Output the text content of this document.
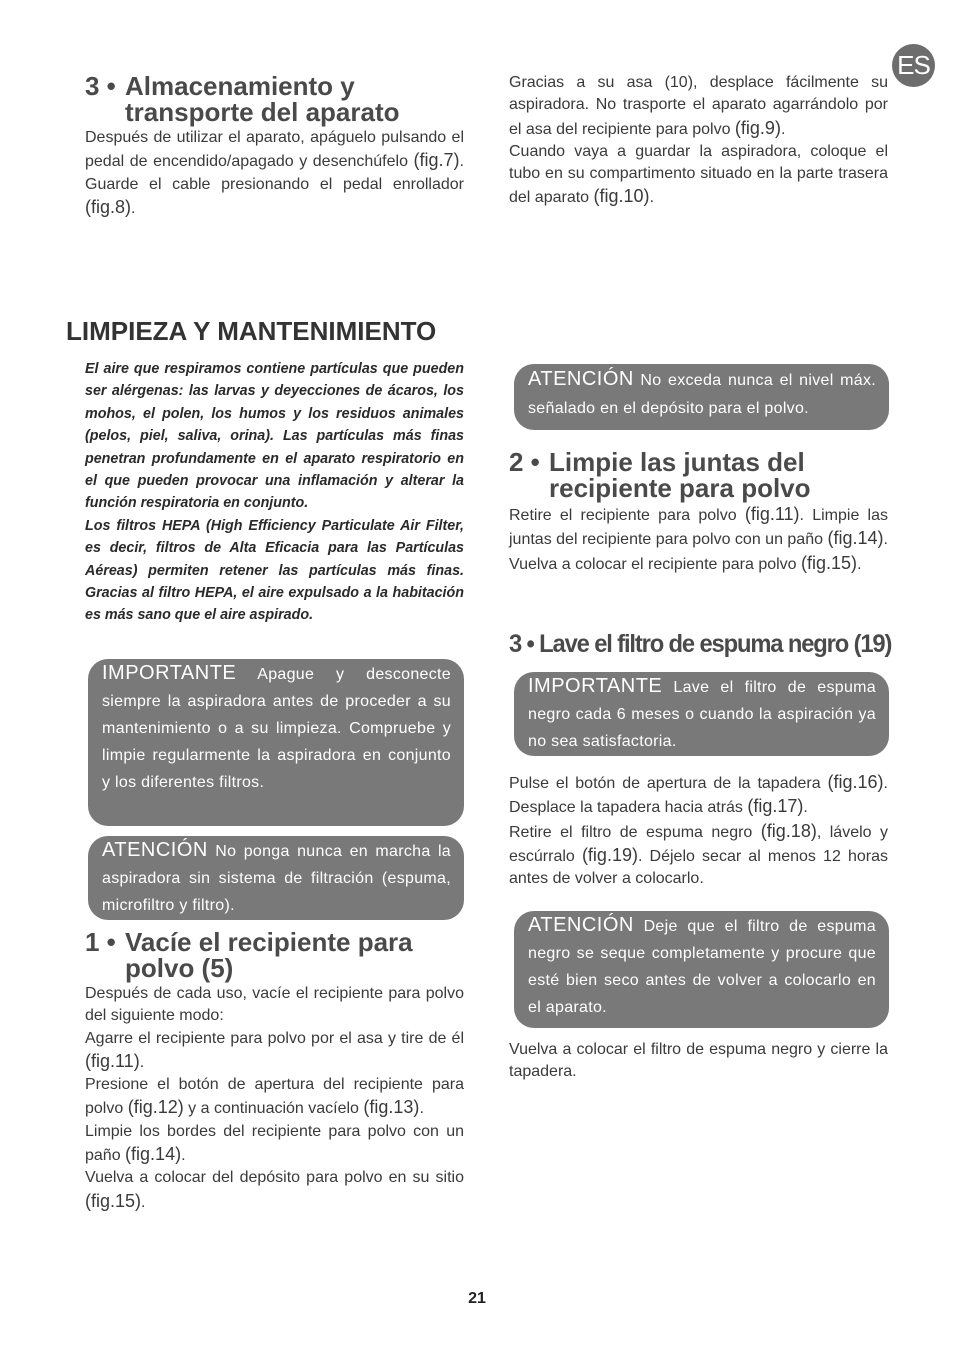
ES
3 • Almacenamiento y
transporte del aparato

Después de utilizar el aparato, apáguelo pulsando el pedal de encendido/apagado y desenchúfelo (fig.7). Guarde el cable presionando el pedal enrollador (fig.8).

Gracias a su asa (10), desplace fácilmente su aspiradora. No trasporte el aparato agarrándolo por el asa del recipiente para polvo (fig.9).

Cuando vaya a guardar la aspiradora, coloque el tubo en su compartimento situado en la parte trasera del aparato (fig.10).

LIMPIEZA Y MANTENIMIENTO

El aire que respiramos contiene partículas que pueden ser alérgenas: las larvas y deyecciones de ácaros, los mohos, el polen, los humos y los residuos animales (pelos, piel, saliva, orina). Las partículas más finas penetran profundamente en el aparato respiratorio en el que pueden provocar una inflamación y alterar la función respiratoria en conjunto.

Los filtros HEPA (High Efficiency Particulate Air Filter, es decir, filtros de Alta Eficacia para las Partículas Aéreas) permiten retener las partículas más finas. Gracias al filtro HEPA, el aire expulsado a la habitación es más sano que el aire aspirado.

IMPORTANTE Apague y desconecte siempre la aspiradora antes de proceder a su mantenimiento o a su limpieza. Compruebe y limpie regularmente la aspiradora en conjunto y los diferentes filtros.
ATENCIÓN No ponga nunca en marcha la aspiradora sin sistema de filtración (espuma, microfiltro y filtro).
1 • Vacíe el recipiente para
polvo (5)

Después de cada uso, vacíe el recipiente para polvo del siguiente modo:

Agarre el recipiente para polvo por el asa y tire de él (fig.11).

Presione el botón de apertura del recipiente para polvo (fig.12) y a continuación vacíelo (fig.13).

Limpie los bordes del recipiente para polvo con un paño (fig.14).

Vuelva a colocar del depósito para polvo en su sitio (fig.15).

ATENCIÓN No exceda nunca el nivel máx. señalado en el depósito para el polvo.
2 • Limpie las juntas del
recipiente para polvo

Retire el recipiente para polvo (fig.11). Limpie las juntas del recipiente para polvo con un paño (fig.14).

Vuelva a colocar el recipiente para polvo (fig.15).

3 • Lave el filtro de espuma negro (19)
IMPORTANTE Lave el filtro de espuma negro cada 6 meses o cuando la aspiración ya no sea satisfactoria.

Pulse el botón de apertura de la tapadera (fig.16). Desplace la tapadera hacia atrás (fig.17).

Retire el filtro de espuma negro (fig.18), lávelo y escúrralo (fig.19). Déjelo secar al menos 12 horas antes de volver a colocarlo.

ATENCIÓN Deje que el filtro de espuma negro se seque completamente y procure que esté bien seco antes de volver a colocarlo en el aparato.

Vuelva a colocar el filtro de espuma negro y cierre la tapadera.

21
